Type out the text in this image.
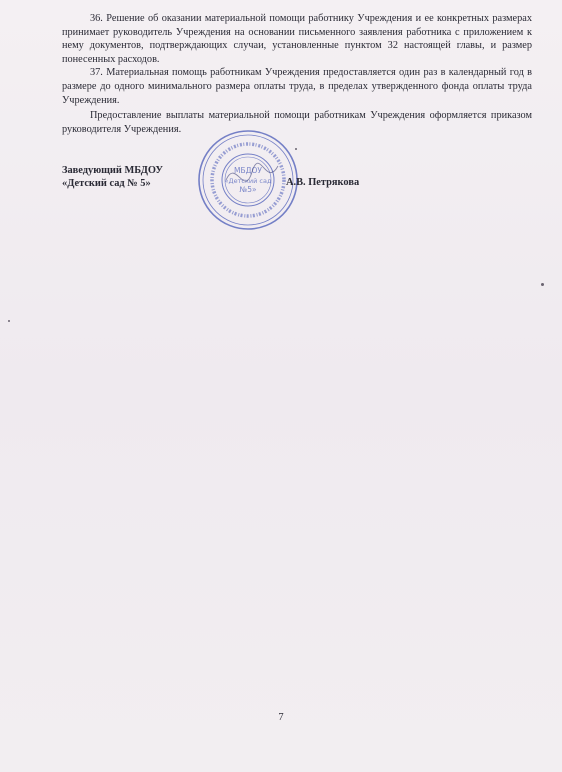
36. Решение об оказании материальной помощи работнику Учреждения и ее конкретных размерах принимает руководитель Учреждения на основании письменного заявления работника с приложением к нему документов, подтверждающих случаи, установленные пунктом 32 настоящей главы, и размер понесенных расходов.

37. Материальная помощь работникам Учреждения предоставляется один раз в календарный год в размере до одного минимального размера оплаты труда, в пределах утвержденного фонда оплаты труда Учреждения.

Предоставление выплаты материальной помощи работникам Учреждения оформляется приказом руководителя Учреждения.

Заведующий МБДОУ
«Детский сад № 5»
МБДОУ
«Детский сад
№5»
А.В. Петрякова
7
